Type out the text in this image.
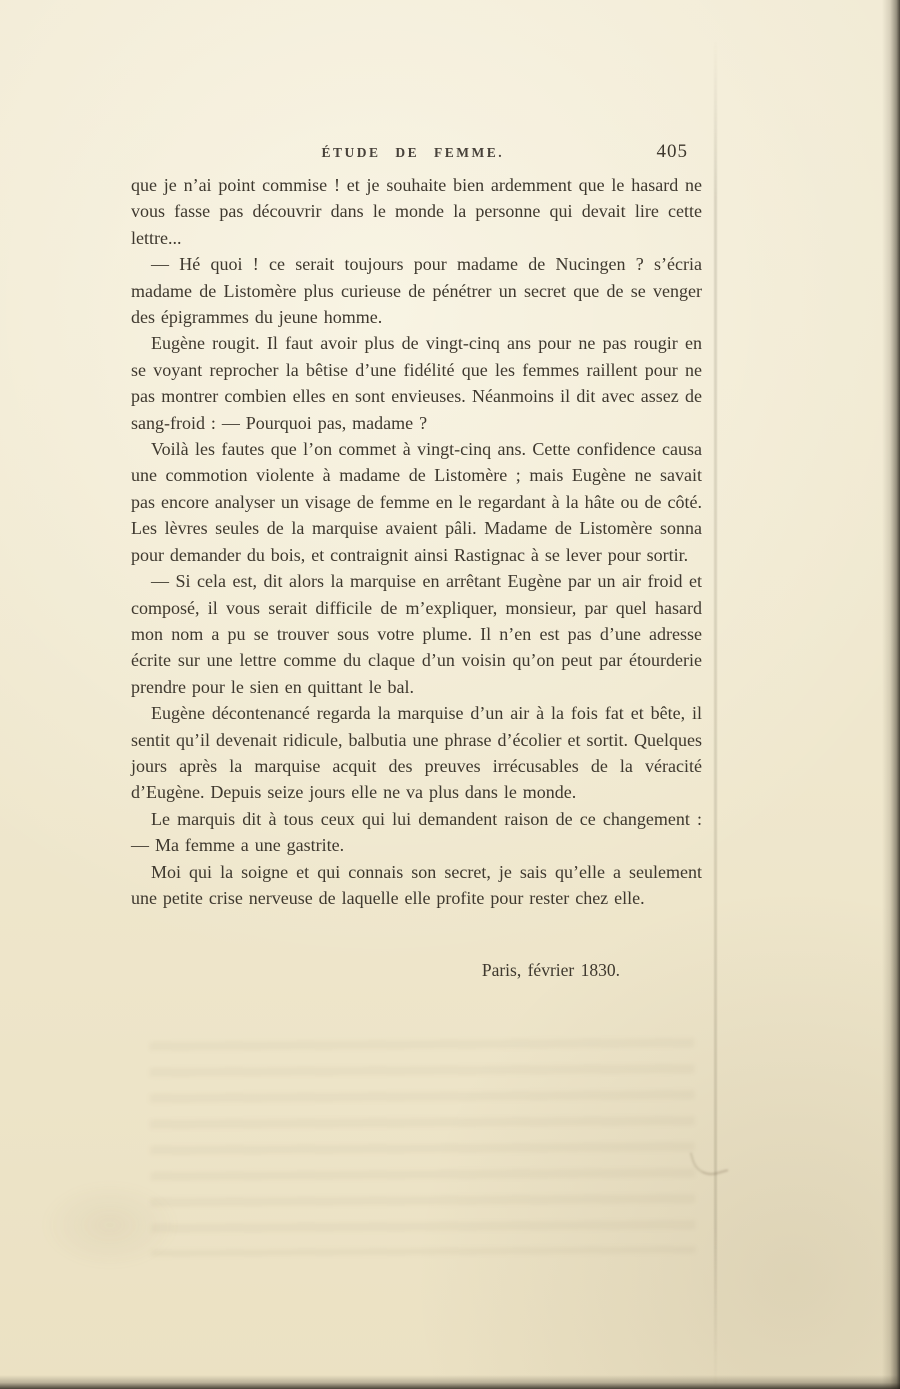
ÉTUDE DE FEMME.	405

que je n’ai point commise ! et je souhaite bien ardemment que le hasard ne vous fasse pas découvrir dans le monde la personne qui devait lire cette lettre...

— Hé quoi ! ce serait toujours pour madame de Nucingen ? s’écria madame de Listomère plus curieuse de pénétrer un secret que de se venger des épigrammes du jeune homme.

Eugène rougit. Il faut avoir plus de vingt-cinq ans pour ne pas rougir en se voyant reprocher la bêtise d’une fidélité que les femmes raillent pour ne pas montrer combien elles en sont envieuses. Néanmoins il dit avec assez de sang-froid : — Pourquoi pas, madame ?

Voilà les fautes que l’on commet à vingt-cinq ans. Cette confidence causa une commotion violente à madame de Listomère ; mais Eugène ne savait pas encore analyser un visage de femme en le regardant à la hâte ou de côté. Les lèvres seules de la marquise avaient pâli. Madame de Listomère sonna pour demander du bois, et contraignit ainsi Rastignac à se lever pour sortir.

— Si cela est, dit alors la marquise en arrêtant Eugène par un air froid et composé, il vous serait difficile de m’expliquer, monsieur, par quel hasard mon nom a pu se trouver sous votre plume. Il n’en est pas d’une adresse écrite sur une lettre comme du claque d’un voisin qu’on peut par étourderie prendre pour le sien en quittant le bal.

Eugène décontenancé regarda la marquise d’un air à la fois fat et bête, il sentit qu’il devenait ridicule, balbutia une phrase d’écolier et sortit. Quelques jours après la marquise acquit des preuves irrécusables de la véracité d’Eugène. Depuis seize jours elle ne va plus dans le monde.

Le marquis dit à tous ceux qui lui demandent raison de ce changement : — Ma femme a une gastrite.

Moi qui la soigne et qui connais son secret, je sais qu’elle a seulement une petite crise nerveuse de laquelle elle profite pour rester chez elle.

Paris, février 1830.
